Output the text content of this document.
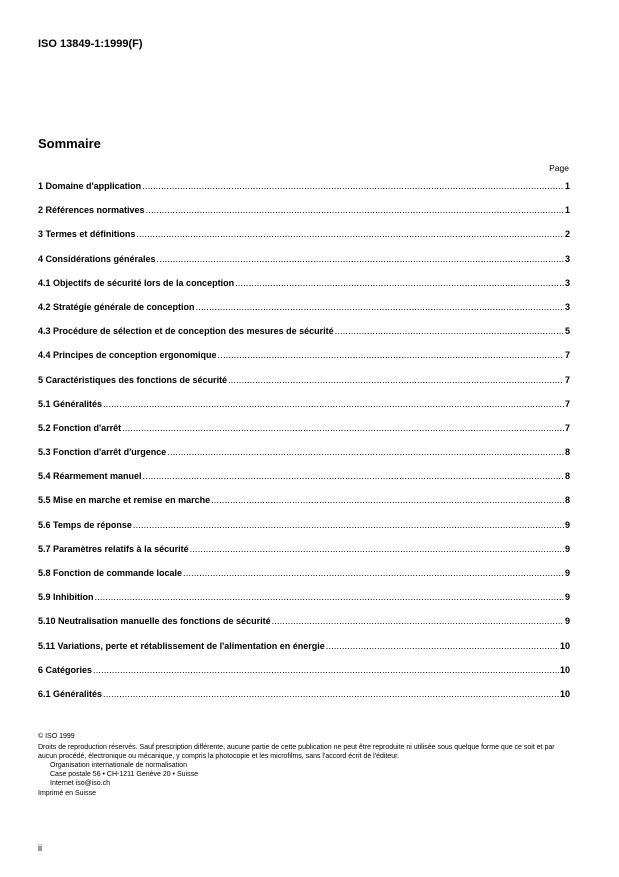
ISO 13849-1:1999(F)
Sommaire
Page
1 Domaine d'application .....	1
2 Références normatives .....	1
3 Termes et définitions .....	2
4 Considérations générales .....	3
4.1 Objectifs de sécurité lors de la conception .....	3
4.2 Stratégie générale de conception .....	3
4.3 Procédure de sélection et de conception des mesures de sécurité .....	5
4.4 Principes de conception ergonomique .....	7
5 Caractéristiques des fonctions de sécurité .....	7
5.1 Généralités .....	7
5.2 Fonction d'arrêt .....	7
5.3 Fonction d'arrêt d'urgence .....	8
5.4 Réarmement manuel .....	8
5.5 Mise en marche et remise en marche .....	8
5.6 Temps de réponse .....	9
5.7 Paramètres relatifs à la sécurité .....	9
5.8 Fonction de commande locale .....	9
5.9 Inhibition .....	9
5.10 Neutralisation manuelle des fonctions de sécurité .....	9
5.11 Variations, perte et rétablissement de l'alimentation en énergie .....	10
6 Catégories .....	10
6.1 Généralités .....	10
© ISO 1999
Droits de reproduction réservés. Sauf prescription différente, aucune partie de cette publication ne peut être reproduite ni utilisée sous quelque forme que ce soit et par aucun procédé, électronique ou mécanique, y compris la photocopie et les microfilms, sans l'accord écrit de l'éditeur.
Organisation internationale de normalisation
Case postale 56 • CH-1211 Genève 20 • Suisse
Internet iso@iso.ch
Imprimé en Suisse
ii
